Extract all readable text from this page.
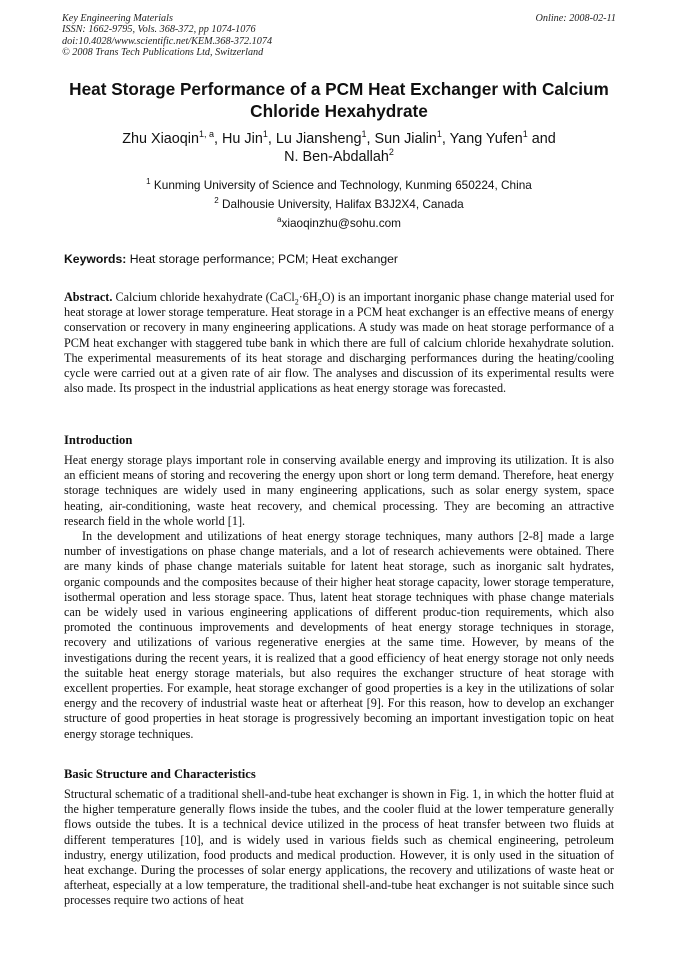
Key Engineering Materials
ISSN: 1662-9795, Vols. 368-372, pp 1074-1076
doi:10.4028/www.scientific.net/KEM.368-372.1074
© 2008 Trans Tech Publications Ltd, Switzerland
Online: 2008-02-11
Heat Storage Performance of a PCM Heat Exchanger with Calcium
Chloride Hexahydrate
Zhu Xiaoqin$^{1, a}$, Hu Jin$^1$, Lu Jiansheng$^1$, Sun Jialin$^1$, Yang Yufen$^1$ and
N. Ben-Abdallah$^2$
$^1$ Kunming University of Science and Technology, Kunming 650224, China
$^2$ Dalhousie University, Halifax B3J2X4, Canada
$^a$xiaoqinzhu@sohu.com
Keywords: Heat storage performance; PCM; Heat exchanger

Abstract. Calcium chloride hexahydrate $(CaCl_2\cdot 6H_2O)$ is an important inorganic phase change material used for heat storage at lower storage temperature. Heat storage in a PCM heat exchanger is an effective means of energy conservation or recovery in many engineering applications. A study was made on heat storage performance of a PCM heat exchanger with staggered tube bank in which there are full of calcium chloride hexahydrate solution. The experimental measurements of its heat storage and discharging performances during the heating/cooling cycle were carried out at a given rate of air flow. The analyses and discussion of its experimental results were also made. Its prospect in the industrial applications as heat energy storage was forecasted.

Introduction

Heat energy storage plays important role in conserving available energy and improving its utilization. It is also an efficient means of storing and recovering the energy upon short or long term demand. Therefore, heat energy storage techniques are widely used in many engineering applications, such as solar energy system, space heating, air-conditioning, waste heat recovery, and chemical processing. They are becoming an attractive research field in the whole world [1].

In the development and utilizations of heat energy storage techniques, many authors [2-8] made a large number of investigations on phase change materials, and a lot of research achievements were obtained. There are many kinds of phase change materials suitable for latent heat storage, such as inorganic salt hydrates, organic compounds and the composites because of their higher heat storage capacity, lower storage temperature, isothermal operation and less storage space. Thus, latent heat storage techniques with phase change materials can be widely used in various engineering applications of different produc-tion requirements, which also promoted the continuous improvements and developments of heat energy storage techniques in storage, recovery and utilizations of various regenerative energies at the same time. However, by means of the investigations during the recent years, it is realized that a good efficiency of heat energy storage not only needs the suitable heat energy storage materials, but also requires the exchanger structure of heat storage with excellent properties. For example, heat storage exchanger of good properties is a key in the utilizations of solar energy and the recovery of industrial waste heat or afterheat [9]. For this reason, how to develop an exchanger structure of good properties in heat storage is progressively becoming an important investigation topic on heat energy storage techniques.

Basic Structure and Characteristics

Structural schematic of a traditional shell-and-tube heat exchanger is shown in Fig. 1, in which the hotter fluid at the higher temperature generally flows inside the tubes, and the cooler fluid at the lower temperature generally flows outside the tubes. It is a technical device utilized in the process of heat transfer between two fluids at different temperatures [10], and is widely used in various fields such as chemical engineering, petroleum industry, energy utilization, food products and medical production. However, it is only used in the situation of heat exchange. During the processes of solar energy applications, the recovery and utilizations of waste heat or afterheat, especially at a low temperature, the traditional shell-and-tube heat exchanger is not suitable since such processes require two actions of heat
